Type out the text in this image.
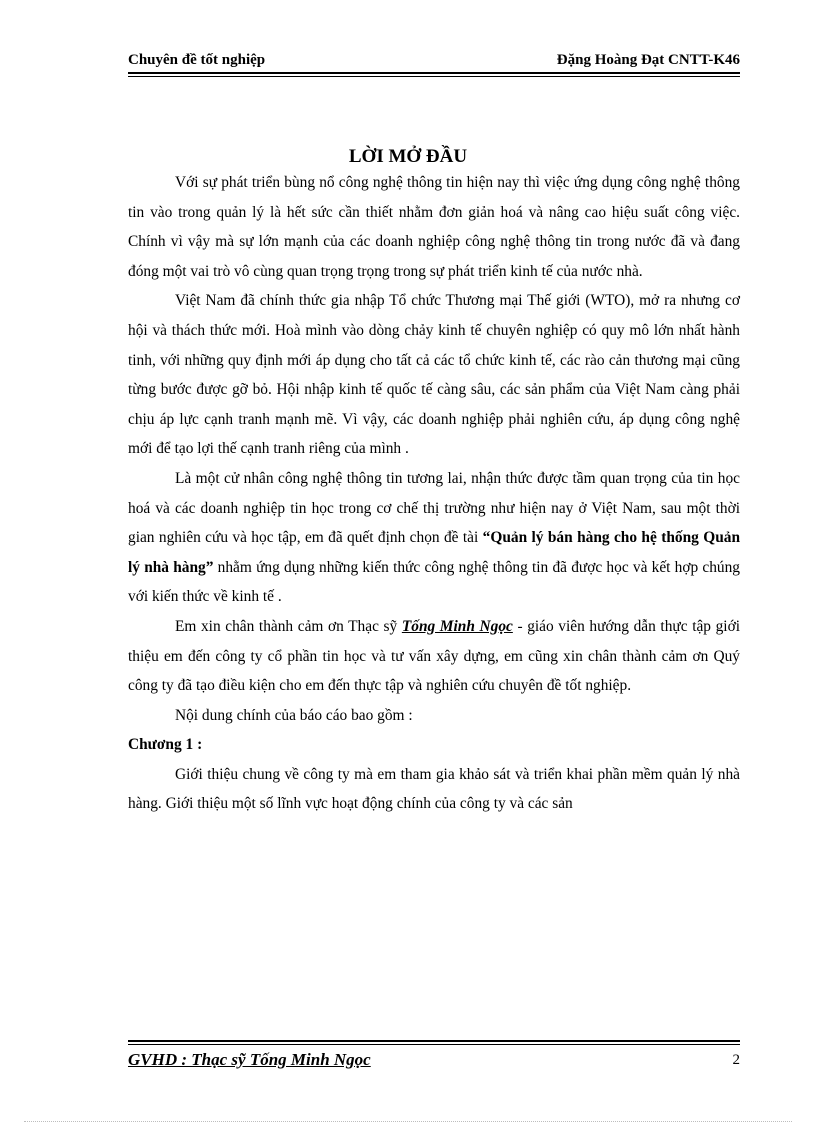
Chuyên đề tốt nghiệp	Đặng Hoàng Đạt CNTT-K46
LỜI MỞ ĐẦU

Với sự phát triển bùng nổ công nghệ thông tin hiện nay thì việc ứng dụng công nghệ thông tin vào trong quản lý là hết sức cần thiết nhằm đơn giản hoá và nâng cao hiệu suất công việc. Chính vì vậy mà sự lớn mạnh của các doanh nghiệp công nghệ thông tin trong nước đã và đang đóng một vai trò vô cùng quan trọng trọng trong sự phát triển kinh tế của nước nhà.

Việt Nam đã chính thức gia nhập Tổ chức Thương mại Thế giới (WTO), mở ra nhưng cơ hội và thách thức mới. Hoà mình vào dòng chảy kinh tế chuyên nghiệp có quy mô lớn nhất hành tinh, với những quy định mới áp dụng cho tất cả các tổ chức kinh tế, các rào cản thương mại cũng từng bước được gỡ bỏ. Hội nhập kinh tế quốc tế càng sâu, các sản phẩm của Việt Nam càng phải chịu áp lực cạnh tranh mạnh mẽ. Vì vậy, các doanh nghiệp phải nghiên cứu, áp dụng công nghệ mới để tạo lợi thế cạnh tranh riêng của mình .

Là một cử nhân công nghệ thông tin tương lai, nhận thức được tầm quan trọng của tin học hoá và các doanh nghiệp tin học trong cơ chế thị trường như hiện nay ở Việt Nam, sau một thời gian nghiên cứu và học tập, em đã quết định chọn đề tài “Quản lý bán hàng cho hệ thống Quản lý nhà hàng” nhằm ứng dụng những kiến thức công nghệ thông tin đã được học và kết hợp chúng với kiến thức về kinh tế .

Em xin chân thành cảm ơn Thạc sỹ Tống Minh Ngọc - giáo viên hướng dẫn thực tập giới thiệu em đến công ty cổ phần tin học và tư vấn xây dựng, em cũng xin chân thành cảm ơn Quý công ty đã tạo điều kiện cho em đến thực tập và nghiên cứu chuyên đề tốt nghiệp.

Nội dung chính của báo cáo bao gồm :

Chương 1 :

Giới thiệu chung về công ty mà em tham gia khảo sát và triển khai phần mềm quản lý nhà hàng. Giới thiệu một số lĩnh vực hoạt động chính của công ty và các sản

GVHD : Thạc sỹ Tống Minh Ngọc	2
